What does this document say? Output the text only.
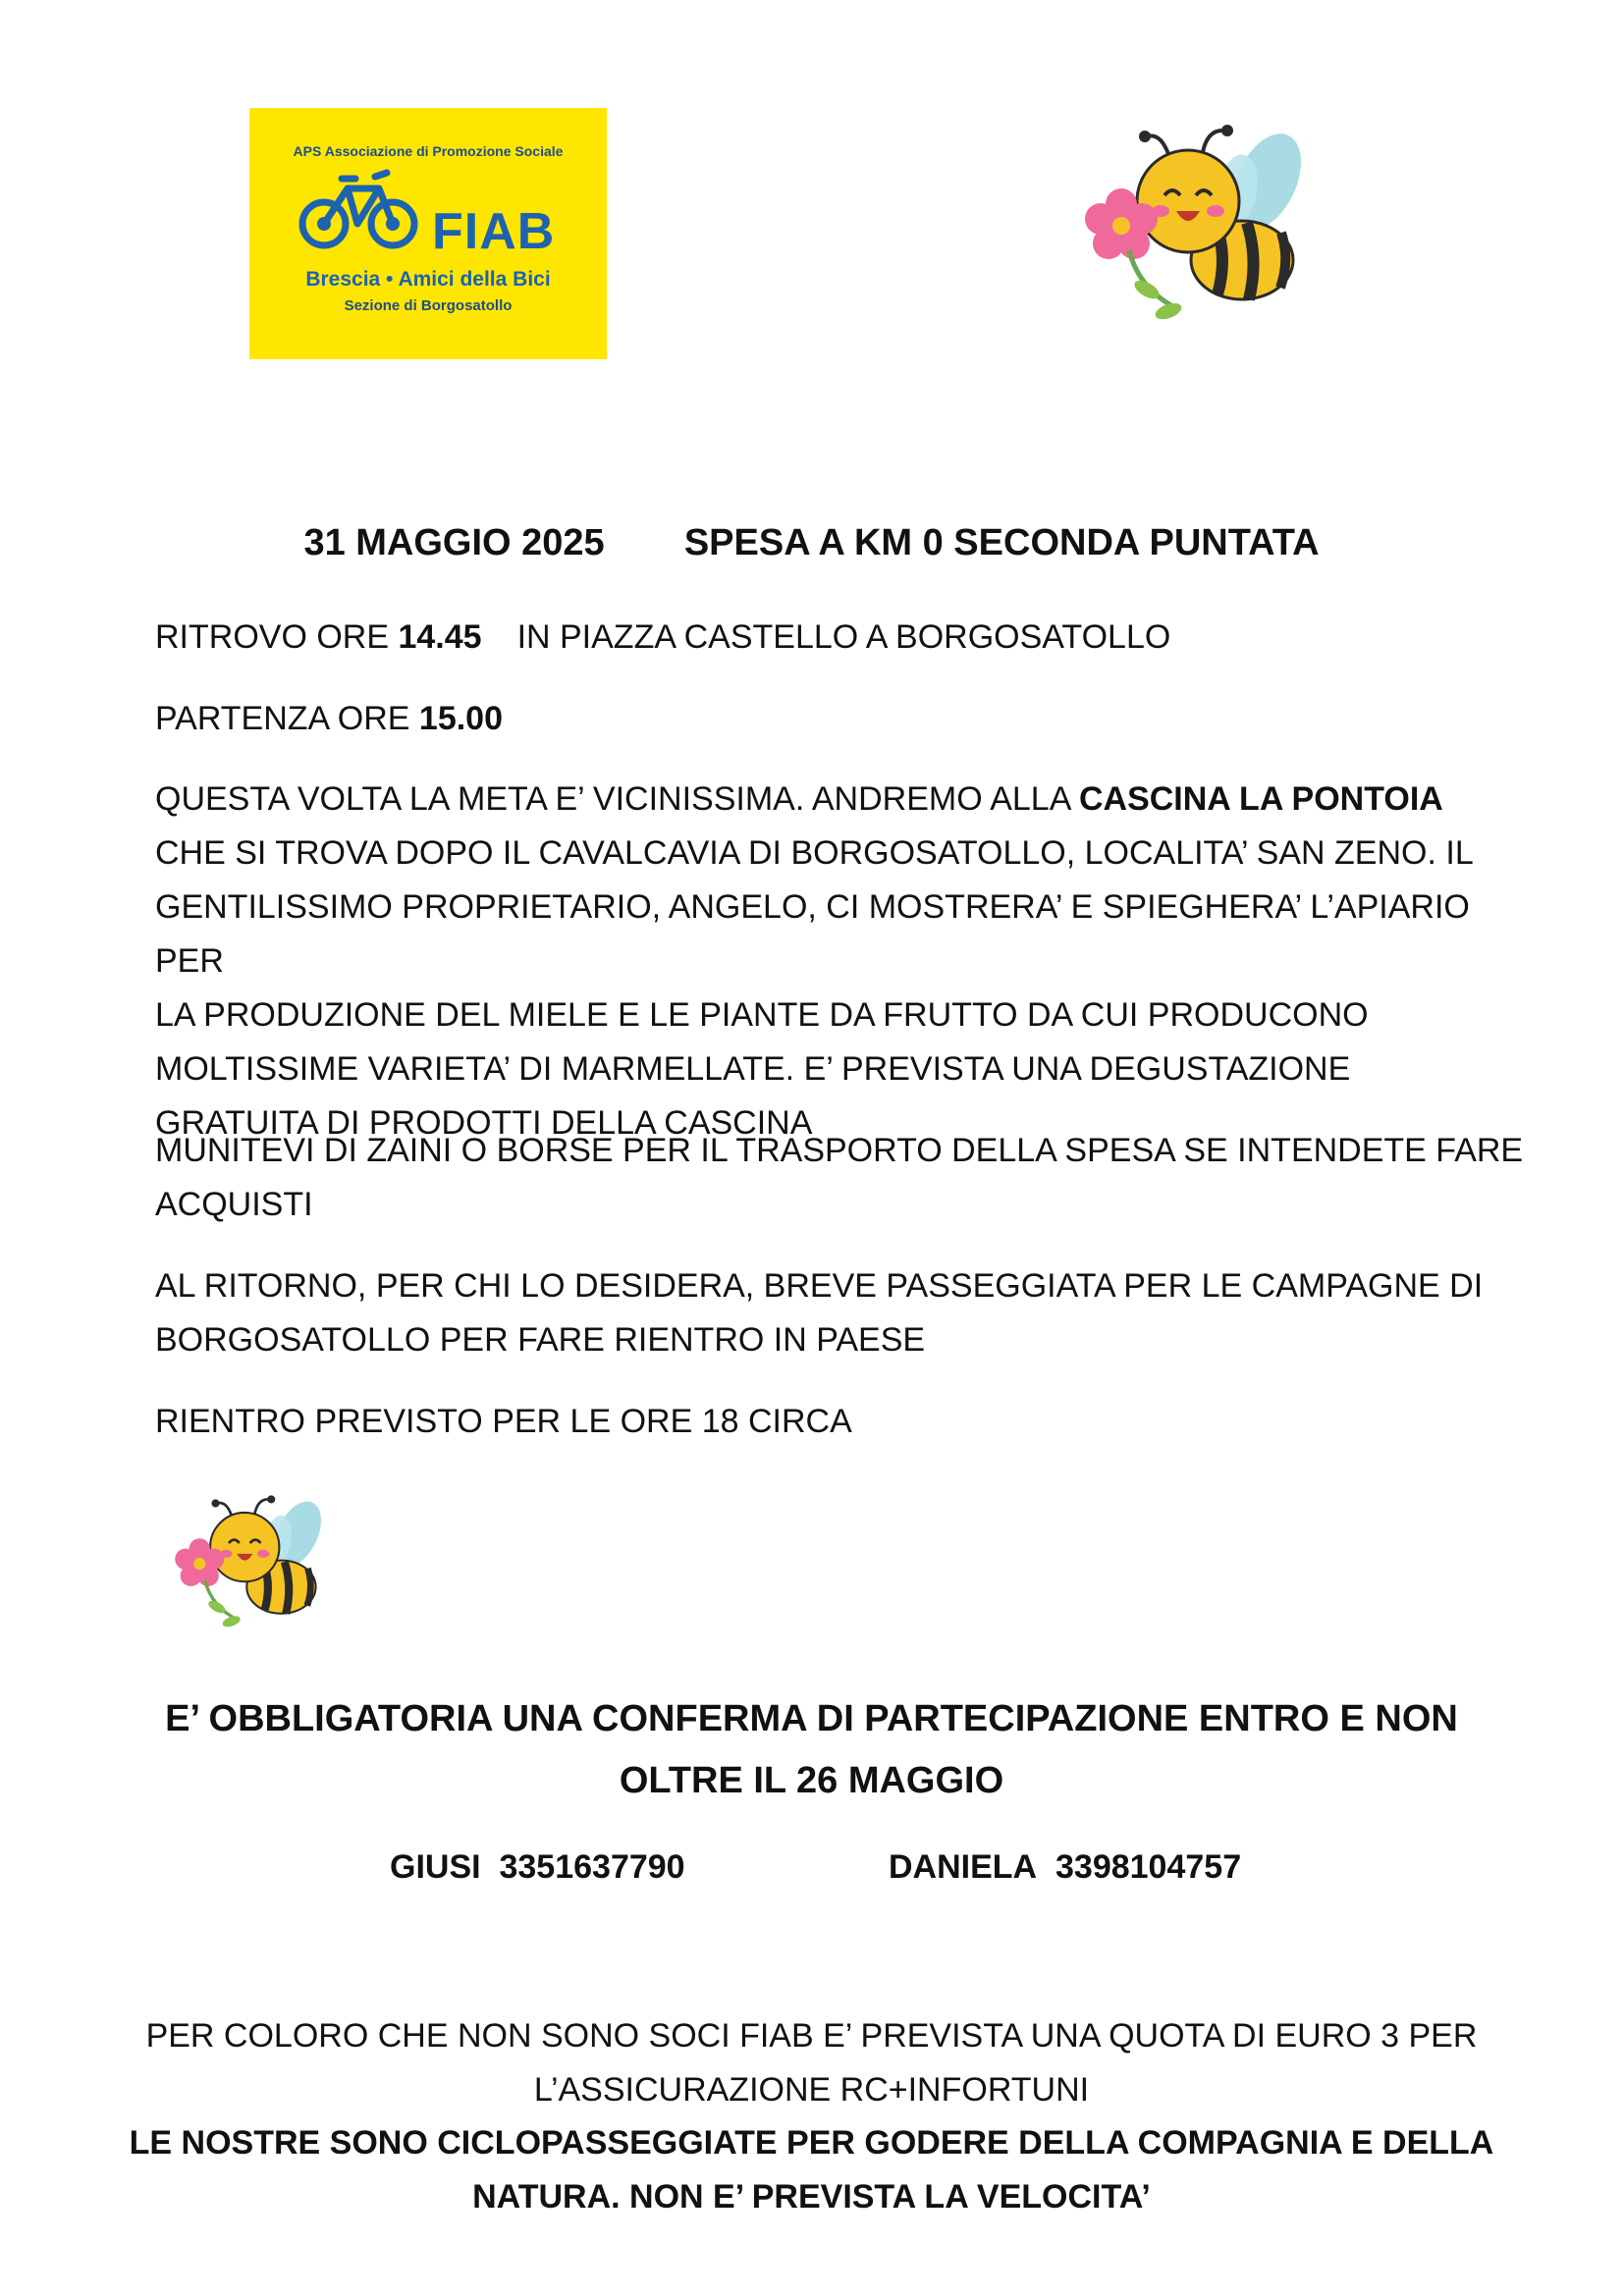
APS Associazione di Promozione Sociale
FIAB
Brescia • Amici della Bici
Sezione di Borgosatollo
31 MAGGIO 2025 SPESA A KM 0 SECONDA PUNTATA
RITROVO ORE 14.45 IN PIAZZA CASTELLO A BORGOSATOLLO
PARTENZA ORE 15.00
QUESTA VOLTA LA META E’ VICINISSIMA. ANDREMO ALLA CASCINA LA PONTOIA
CHE SI TROVA DOPO IL CAVALCAVIA DI BORGOSATOLLO, LOCALITA’ SAN ZENO. IL
GENTILISSIMO PROPRIETARIO, ANGELO, CI MOSTRERA’ E SPIEGHERA’ L’APIARIO PER
LA PRODUZIONE DEL MIELE E LE PIANTE DA FRUTTO DA CUI PRODUCONO
MOLTISSIME VARIETA’ DI MARMELLATE. E’ PREVISTA UNA DEGUSTAZIONE
GRATUITA DI PRODOTTI DELLA CASCINA
MUNITEVI DI ZAINI O BORSE PER IL TRASPORTO DELLA SPESA SE INTENDETE FARE
ACQUISTI
AL RITORNO, PER CHI LO DESIDERA, BREVE PASSEGGIATA PER LE CAMPAGNE DI
BORGOSATOLLO PER FARE RIENTRO IN PAESE
RIENTRO PREVISTO PER LE ORE 18 CIRCA
E’ OBBLIGATORIA UNA CONFERMA DI PARTECIPAZIONE ENTRO E NON
OLTRE IL 26 MAGGIO
GIUSI 3351637790	DANIELA 3398104757
PER COLORO CHE NON SONO SOCI FIAB E’ PREVISTA UNA QUOTA DI EURO 3 PER
L’ASSICURAZIONE RC+INFORTUNI
LE NOSTRE SONO CICLOPASSEGGIATE PER GODERE DELLA COMPAGNIA E DELLA
NATURA. NON E’ PREVISTA LA VELOCITA’
